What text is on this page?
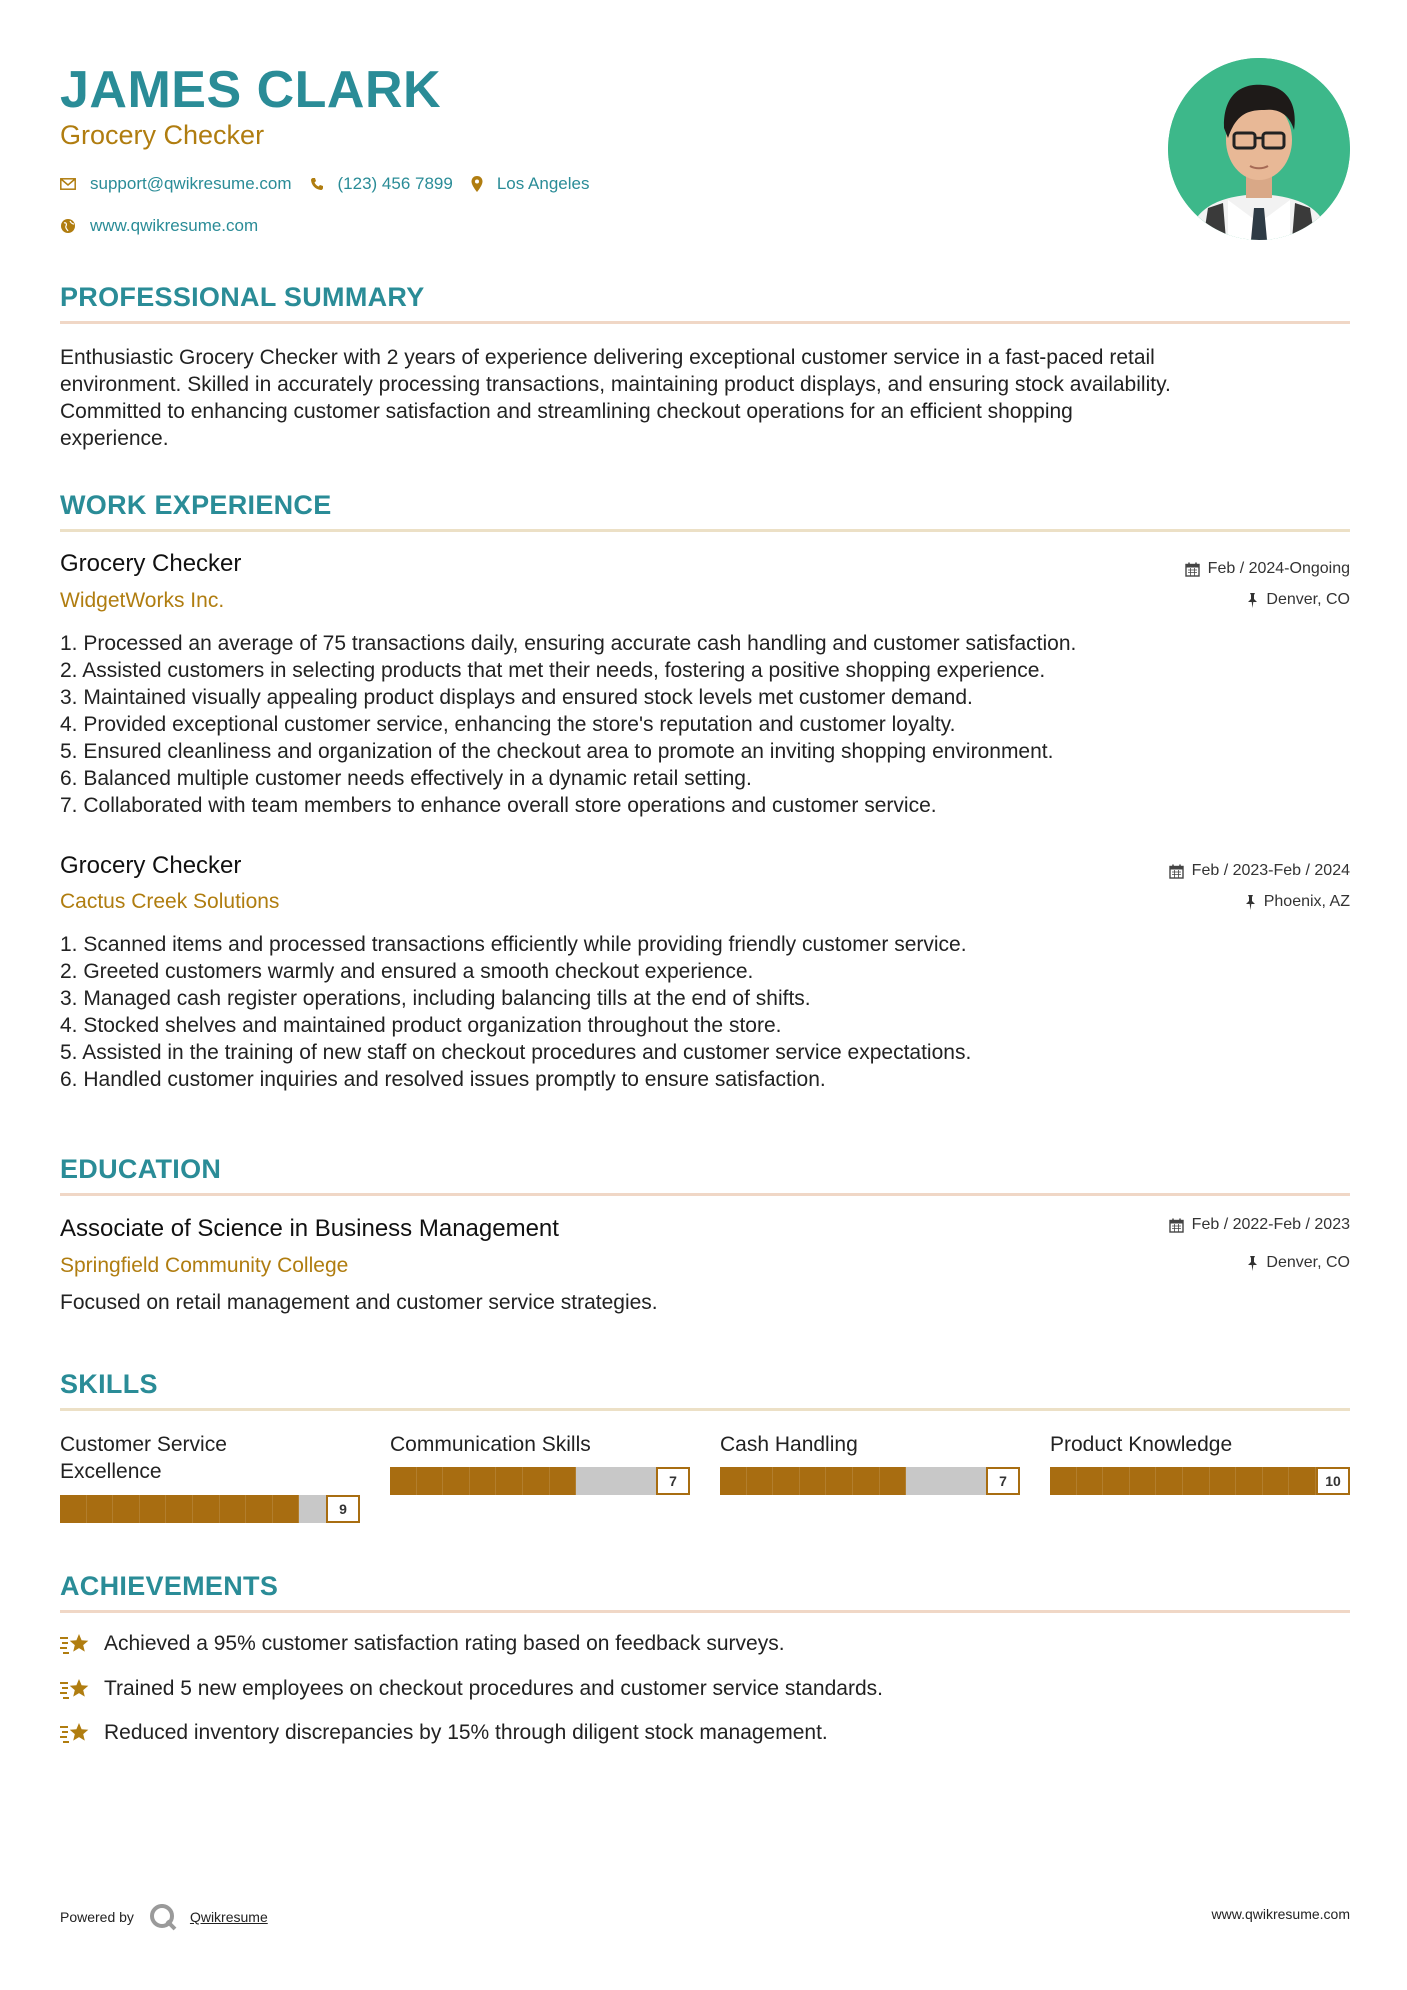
JAMES CLARK
Grocery Checker
support@qwikresume.com	(123) 456 7899	Los Angeles
www.qwikresume.com
PROFESSIONAL SUMMARY
Enthusiastic Grocery Checker with 2 years of experience delivering exceptional customer service in a fast-paced retail
environment. Skilled in accurately processing transactions, maintaining product displays, and ensuring stock availability.
Committed to enhancing customer satisfaction and streamlining checkout operations for an efficient shopping
experience.
WORK EXPERIENCE
Grocery Checker
WidgetWorks Inc.
Feb / 2024-Ongoing
Denver, CO
1. Processed an average of 75 transactions daily, ensuring accurate cash handling and customer satisfaction.
2. Assisted customers in selecting products that met their needs, fostering a positive shopping experience.
3. Maintained visually appealing product displays and ensured stock levels met customer demand.
4. Provided exceptional customer service, enhancing the store's reputation and customer loyalty.
5. Ensured cleanliness and organization of the checkout area to promote an inviting shopping environment.
6. Balanced multiple customer needs effectively in a dynamic retail setting.
7. Collaborated with team members to enhance overall store operations and customer service.
Grocery Checker
Cactus Creek Solutions
Feb / 2023-Feb / 2024
Phoenix, AZ
1. Scanned items and processed transactions efficiently while providing friendly customer service.
2. Greeted customers warmly and ensured a smooth checkout experience.
3. Managed cash register operations, including balancing tills at the end of shifts.
4. Stocked shelves and maintained product organization throughout the store.
5. Assisted in the training of new staff on checkout procedures and customer service expectations.
6. Handled customer inquiries and resolved issues promptly to ensure satisfaction.
EDUCATION
Associate of Science in Business Management
Springfield Community College
Feb / 2022-Feb / 2023
Denver, CO
Focused on retail management and customer service strategies.
SKILLS
Customer Service
Excellence
9
Communication Skills
7
Cash Handling
7
Product Knowledge
10
ACHIEVEMENTS
Achieved a 95% customer satisfaction rating based on feedback surveys.
Trained 5 new employees on checkout procedures and customer service standards.
Reduced inventory discrepancies by 15% through diligent stock management.
Powered by	Qwikresume	www.qwikresume.com
